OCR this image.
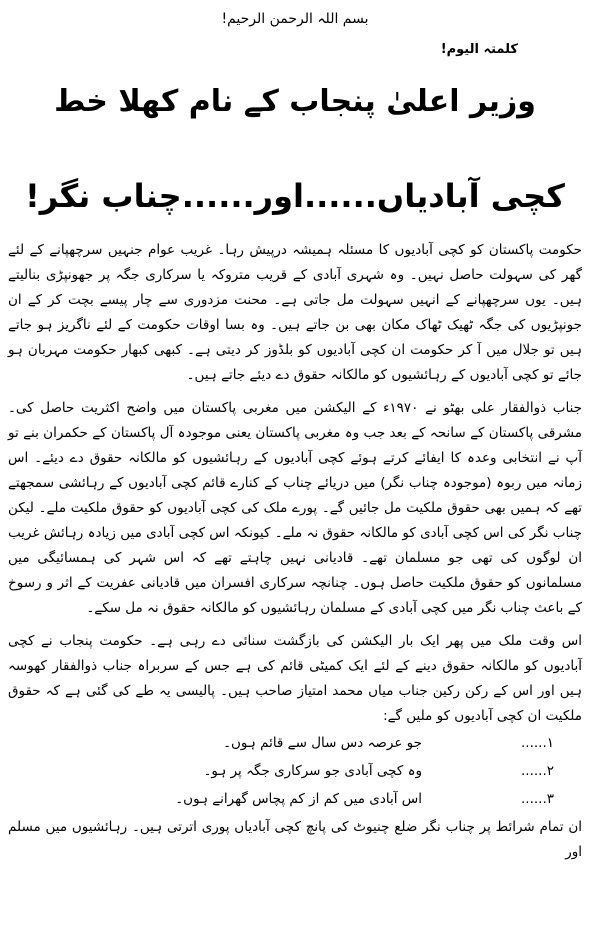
بسم اللہ الرحمن الرحیم!
کلمتہ الیوم!
وزیر اعلیٰ پنجاب کے نام کھلا خط
کچی آبادیاں......اور......چناب نگر!

حکومت پاکستان کو کچی آبادیوں کا مسئلہ ہمیشہ درپیش رہا۔ غریب عوام جنہیں سرچھپانے کے لئے گھر کی سہولت حاصل نہیں۔ وہ شہری آبادی کے قریب متروکہ یا سرکاری جگہ پر جھونپڑی بنالیتے ہیں۔ یوں سرچھپانے کے انہیں سہولت مل جاتی ہے۔ محنت مزدوری سے چار پیسے بچت کر کے ان جونپڑیوں کی جگہ ٹھیک ٹھاک مکان بھی بن جاتے ہیں۔ وہ بسا اوقات حکومت کے لئے ناگریز ہو جاتے ہیں تو جلال میں آ کر حکومت ان کچی آبادیوں کو بلڈوز کر دیتی ہے۔ کبھی کبھار حکومت مہربان ہو جائے تو کچی آبادیوں کے رہائشیوں کو مالکانہ حقوق دے دیئے جاتے ہیں۔

جناب ذوالفقار علی بھٹو نے ۱۹۷۰ء کے الیکشن میں مغربی پاکستان میں واضح اکثریت حاصل کی۔ مشرقی پاکستان کے سانحہ کے بعد جب وہ مغربی پاکستان یعنی موجودہ آل پاکستان کے حکمران بنے تو آپ نے انتخابی وعدہ کا ایفائے کرتے ہوئے کچی آبادیوں کے رہائشیوں کو مالکانہ حقوق دے دیئے۔ اس زمانہ میں ربوہ (موجودہ چناب نگر) میں دریائے چناب کے کنارے قائم کچی آبادیوں کے رہائشی سمجھتے تھے کہ ہمیں بھی حقوق ملکیت مل جائیں گے۔ پورے ملک کی کچی آبادیوں کو حقوق ملکیت ملے۔ لیکن چناب نگر کی اس کچی آبادی کو مالکانہ حقوق نہ ملے۔ کیونکہ اس کچی آبادی میں زیادہ رہائش غریب ان لوگوں کی تھی جو مسلمان تھے۔ قادیانی نہیں چاہتے تھے کہ اس شہر کی ہمسائیگی میں مسلمانوں کو حقوق ملکیت حاصل ہوں۔ چنانچہ سرکاری افسران میں قادیانی عفریت کے اثر و رسوخ کے باعث چناب نگر میں کچی آبادی کے مسلمان رہائشیوں کو مالکانہ حقوق نہ مل سکے۔

اس وقت ملک میں پھر ایک بار الیکشن کی بازگشت سنائی دے رہی ہے۔ حکومت پنجاب نے کچی آبادیوں کو مالکانہ حقوق دینے کے لئے ایک کمیٹی قائم کی ہے جس کے سربراہ جناب ذوالفقار کھوسہ ہیں اور اس کے رکن رکین جناب میاں محمد امتیاز صاحب ہیں۔ پالیسی یہ طے کی گئی ہے کہ حقوق ملکیت ان کچی آبادیوں کو ملیں گے:

۱......
جو عرصہ دس سال سے قائم ہوں۔
۲......
وہ کچی آبادی جو سرکاری جگہ پر ہو۔
۳......
اس آبادی میں کم از کم پچاس گھرانے ہوں۔

ان تمام شرائط پر چناب نگر ضلع چنیوٹ کی پانچ کچی آبادیاں پوری اترتی ہیں۔ رہائشیوں میں مسلم اور
